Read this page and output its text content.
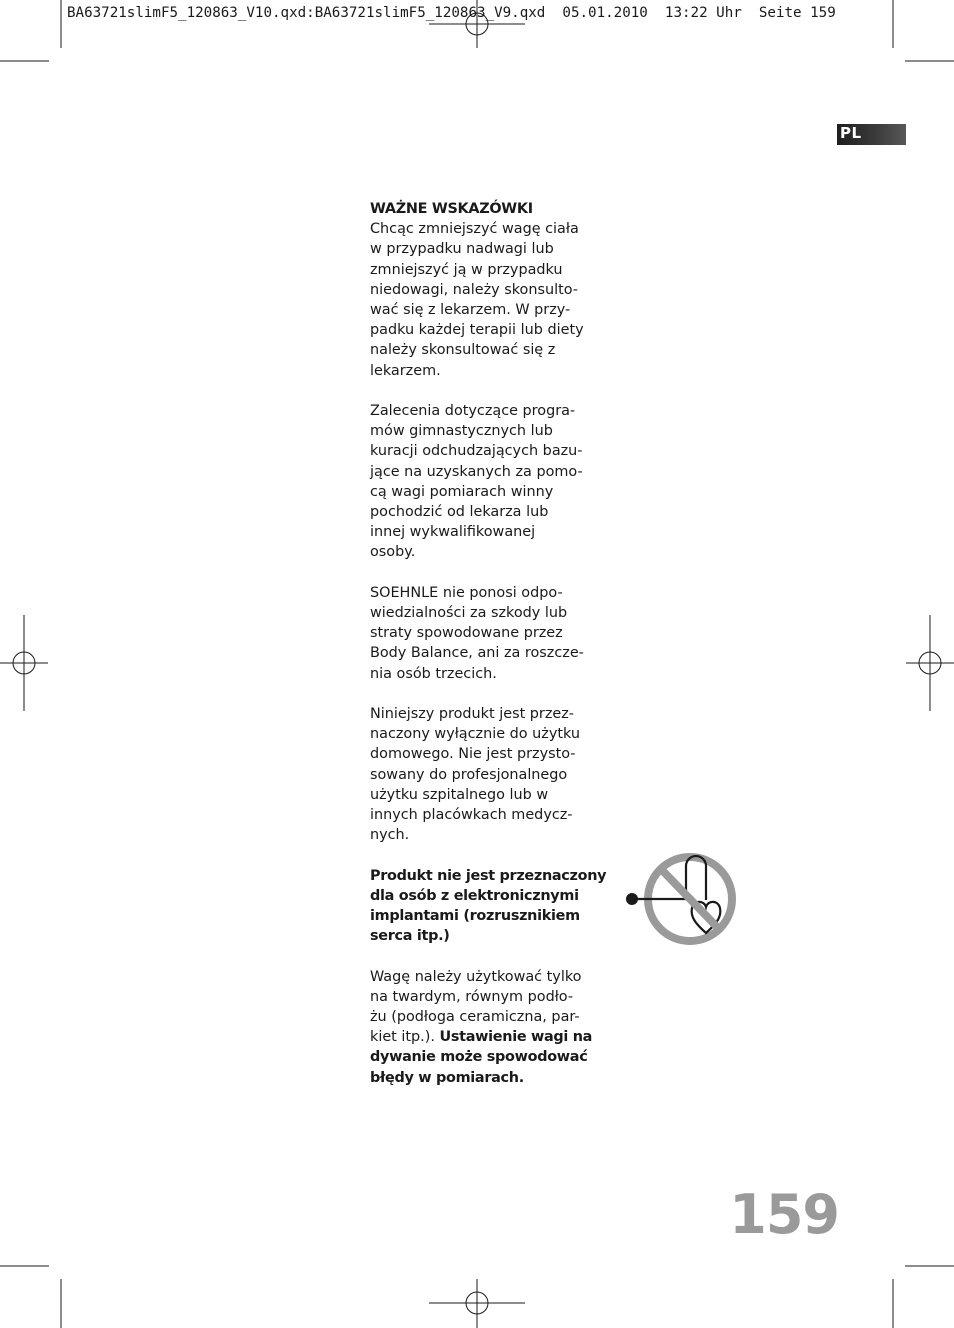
BA63721slimF5_120863_V10.qxd:BA63721slimF5_120863_V9.qxd  05.01.2010  13:22 Uhr  Seite 159
PL

WAŻNE WSKAZÓWKI
Chcąc zmniejszyć wagę ciała
w przypadku nadwagi lub
zmniejszyć ją w przypadku
niedowagi, należy skonsulto-
wać się z lekarzem. W przy-
padku każdej terapii lub diety
należy skonsultować się z
lekarzem.

Zalecenia dotyczące progra-
mów gimnastycznych lub
kuracji odchudzających bazu-
jące na uzyskanych za pomo-
cą wagi pomiarach winny
pochodzić od lekarza lub
innej wykwalifikowanej
osoby.

SOEHNLE nie ponosi odpo-
wiedzialności za szkody lub
straty spowodowane przez
Body Balance, ani za roszcze-
nia osób trzecich.

Niniejszy produkt jest przez-
naczony wyłącznie do użytku
domowego. Nie jest przysto-
sowany do profesjonalnego
użytku szpitalnego lub w
innych placówkach medycz-
nych.

Produkt nie jest przeznaczony
dla osób z elektronicznymi
implantami (rozrusznikiem
serca itp.)

Wagę należy użytkować tylko
na twardym, równym podło-
żu (podłoga ceramiczna, par-
kiet itp.). Ustawienie wagi na
dywanie może spowodować
błędy w pomiarach.

159
